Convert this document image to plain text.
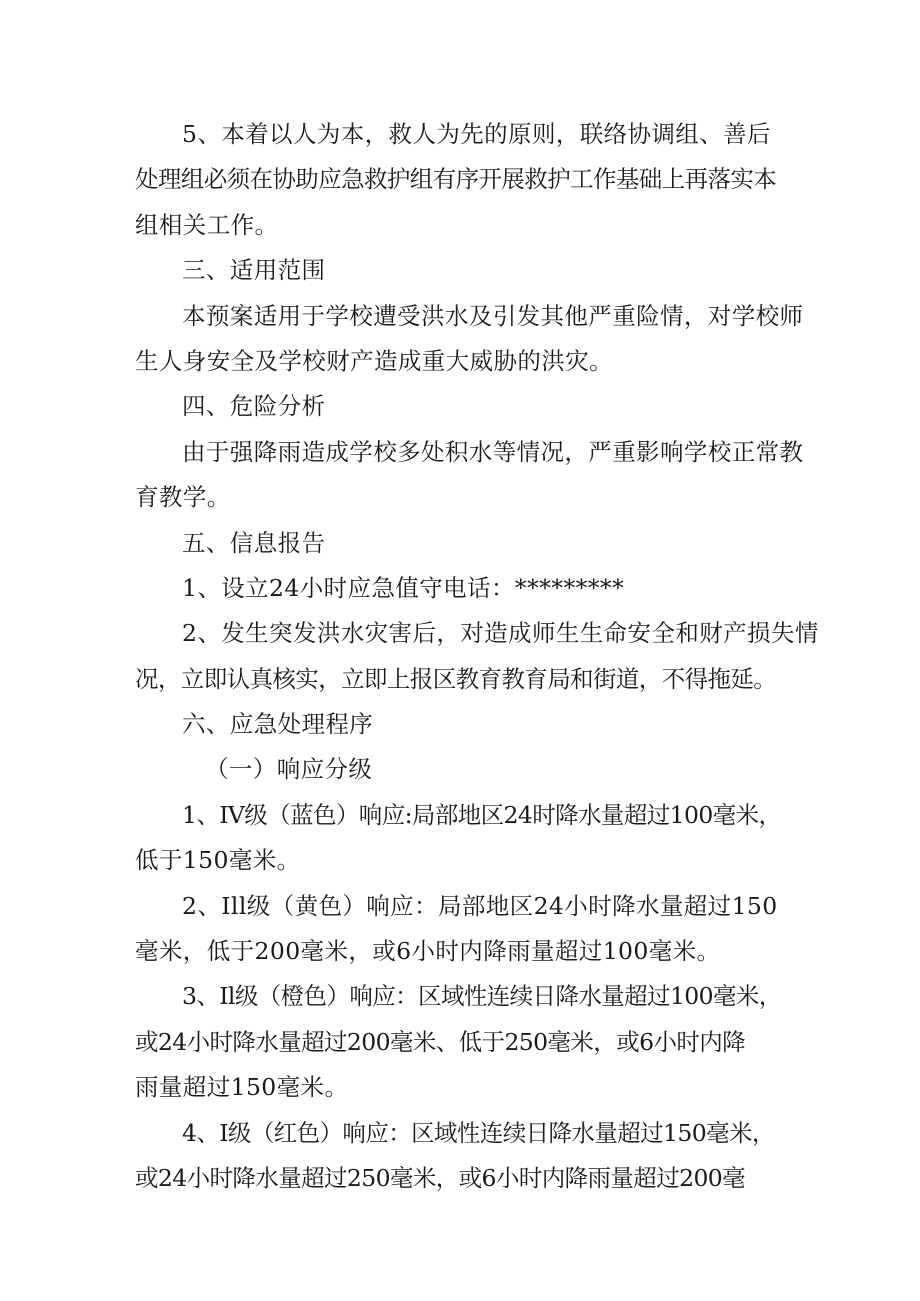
5、本着以人为本，救人为先的原则，联络协调组、善后
处理组必须在协助应急救护组有序开展救护工作基础上再落实本
组相关工作。
三、适用范围
本预案适用于学校遭受洪水及引发其他严重险情，对学校师
生人身安全及学校财产造成重大威胁的洪灾。
四、危险分析
由于强降雨造成学校多处积水等情况，严重影响学校正常教
育教学。
五、信息报告
1、设立24小时应急值守电话：*********
2、发生突发洪水灾害后，对造成师生生命安全和财产损失情
况，立即认真核实，立即上报区教育教育局和街道，不得拖延。
六、应急处理程序
（一）响应分级
1、IV级（蓝色）响应:局部地区24时降水量超过100毫米，
低于150毫米。
2、Ill级（黄色）响应：局部地区24小时降水量超过150
毫米，低于200毫米，或6小时内降雨量超过100毫米。
3、Il级（橙色）响应：区域性连续日降水量超过100毫米，
或24小时降水量超过200毫米、低于250毫米，或6小时内降
雨量超过150毫米。
4、I级（红色）响应：区域性连续日降水量超过150毫米，
或24小时降水量超过250毫米，或6小时内降雨量超过200毫
